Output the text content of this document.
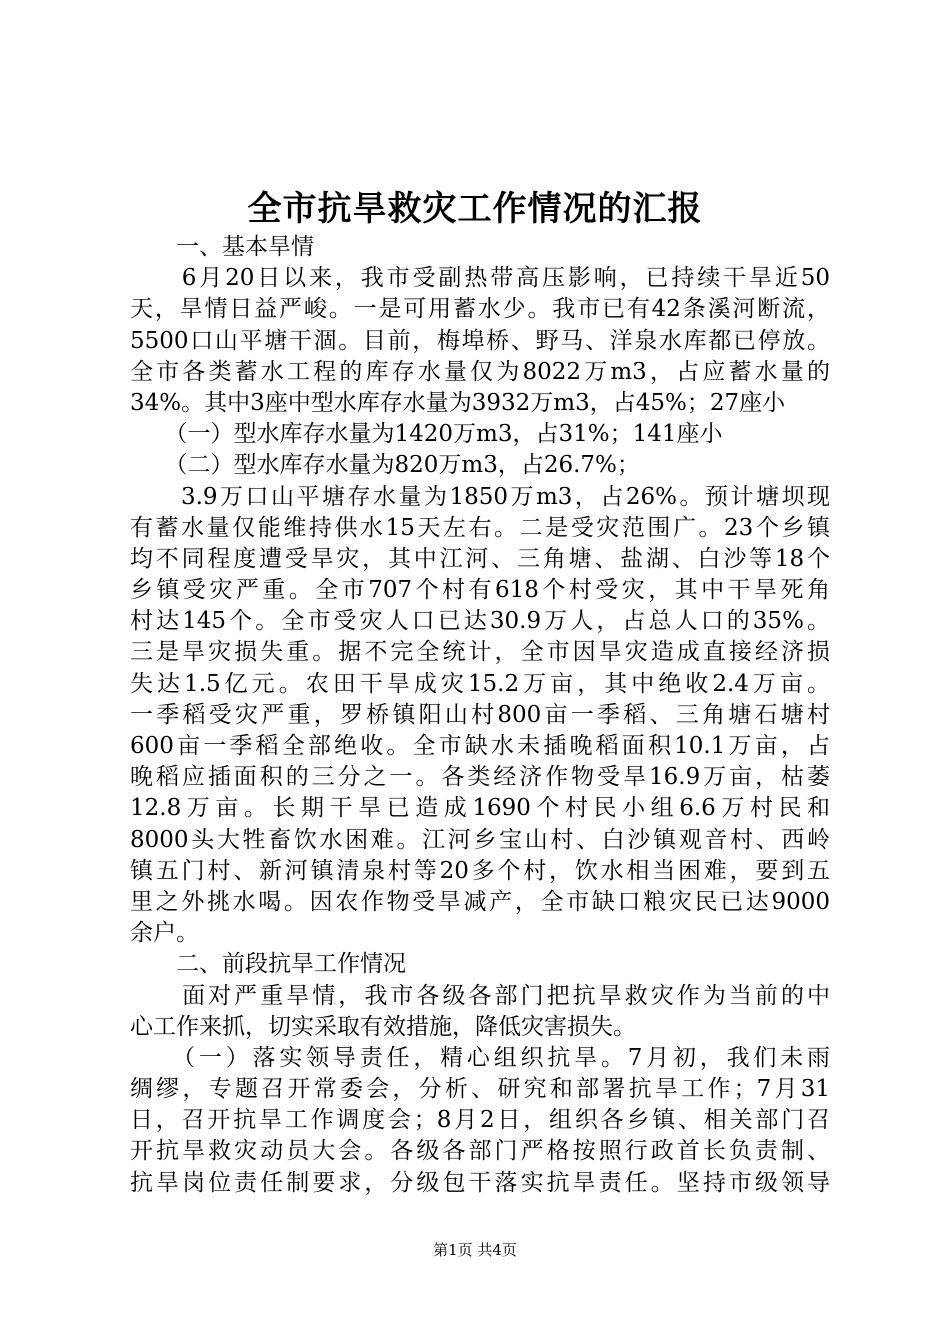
全市抗旱救灾工作情况的汇报
　　一、基本旱情
　　6月20日以来，我市受副热带高压影响，已持续干旱近50
天，旱情日益严峻。一是可用蓄水少。我市已有42条溪河断流，
5500口山平塘干涸。目前，梅埠桥、野马、洋泉水库都已停放。
全市各类蓄水工程的库存水量仅为8022万m3，占应蓄水量的
34%。其中3座中型水库存水量为3932万m3，占45%；27座小
　　（一）型水库存水量为1420万m3，占31%；141座小
　　（二）型水库存水量为820万m3，占26.7%；
　　3.9万口山平塘存水量为1850万m3，占26%。预计塘坝现
有蓄水量仅能维持供水15天左右。二是受灾范围广。23个乡镇
均不同程度遭受旱灾，其中江河、三角塘、盐湖、白沙等18个
乡镇受灾严重。全市707个村有618个村受灾，其中干旱死角
村达145个。全市受灾人口已达30.9万人，占总人口的35%。
三是旱灾损失重。据不完全统计，全市因旱灾造成直接经济损
失达1.5亿元。农田干旱成灾15.2万亩，其中绝收2.4万亩。
一季稻受灾严重，罗桥镇阳山村800亩一季稻、三角塘石塘村
600亩一季稻全部绝收。全市缺水未插晚稻面积10.1万亩，占
晚稻应插面积的三分之一。各类经济作物受旱16.9万亩，枯萎
12.8万亩。长期干旱已造成1690个村民小组6.6万村民和
8000头大牲畜饮水困难。江河乡宝山村、白沙镇观音村、西岭
镇五门村、新河镇清泉村等20多个村，饮水相当困难，要到五
里之外挑水喝。因农作物受旱减产，全市缺口粮灾民已达9000
余户。
　　二、前段抗旱工作情况
　　面对严重旱情，我市各级各部门把抗旱救灾作为当前的中
心工作来抓，切实采取有效措施，降低灾害损失。
　　（一）落实领导责任，精心组织抗旱。7月初，我们未雨
绸缪，专题召开常委会，分析、研究和部署抗旱工作；7月31
日，召开抗旱工作调度会；8月2日，组织各乡镇、相关部门召
开抗旱救灾动员大会。各级各部门严格按照行政首长负责制、
抗旱岗位责任制要求，分级包干落实抗旱责任。坚持市级领导
第1页 共4页
